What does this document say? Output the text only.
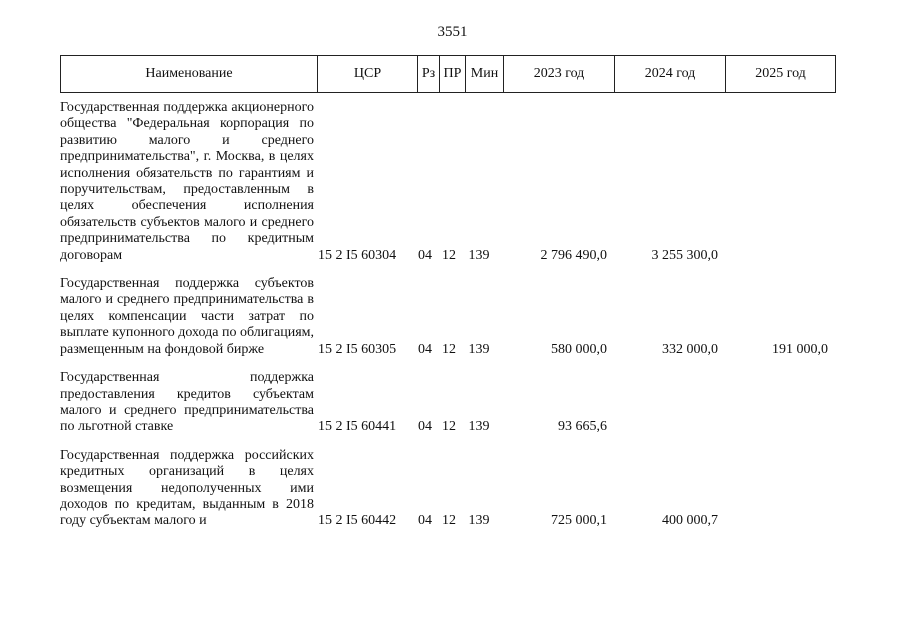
3551
Наименование	ЦСР	Рз	ПР	Мин	2023 год	2024 год	2025 год
Государственная поддержка акционерного общества "Федеральная корпорация по развитию малого и среднего предпринимательства", г. Москва, в целях исполнения обязательств по гарантиям и поручительствам, предоставленным в целях обеспечения исполнения обязательств субъектов малого и среднего предпринимательства по кредитным договорам	15 2 I5 60304	04 12 139	2 796 490,0	3 255 300,0
Государственная поддержка субъектов малого и среднего предпринимательства в целях компенсации части затрат по выплате купонного дохода по облигациям, размещенным на фондовой бирже	15 2 I5 60305	04 12 139	580 000,0	332 000,0	191 000,0
Государственная поддержка предоставления кредитов субъектам малого и среднего предпринимательства по льготной ставке	15 2 I5 60441	04 12 139	93 665,6
Государственная поддержка российских кредитных организаций в целях возмещения недополученных ими доходов по кредитам, выданным в 2018 году субъектам малого и	15 2 I5 60442	04 12 139	725 000,1	400 000,7
